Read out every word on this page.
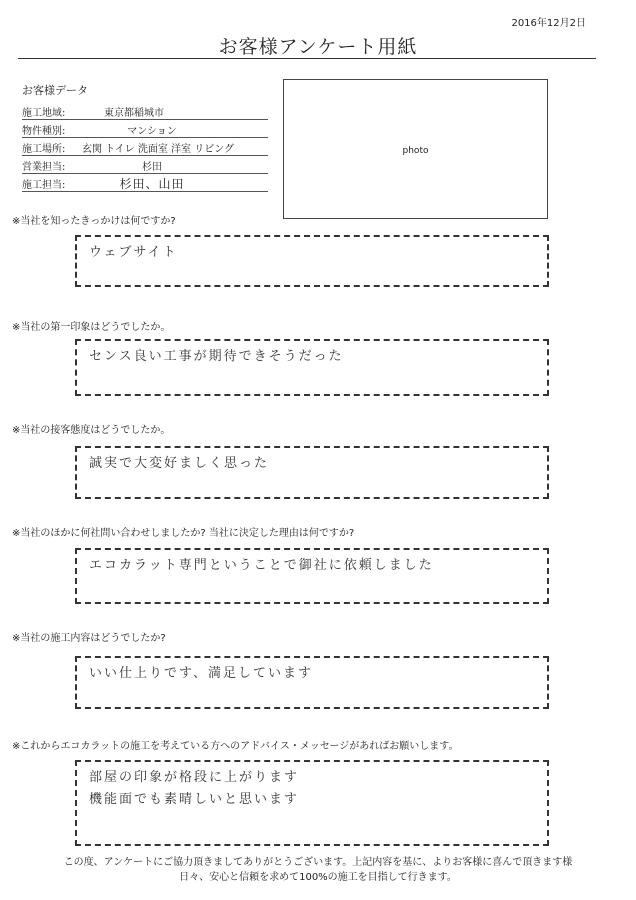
2016年12月2日
お客様アンケート用紙
お客様データ
施工地域:	東京都稲城市
物件種別:	マンション
施工場所: 玄関 トイレ 洗面室 洋室 リビング
営業担当:	杉田
施工担当:	杉田、山田
photo
※当社を知ったきっかけは何ですか?
ウェブサイト
※当社の第一印象はどうでしたか。
センス良い工事が期待できそうだった
※当社の接客態度はどうでしたか。
誠実で大変好ましく思った
※当社のほかに何社問い合わせしましたか? 当社に決定した理由は何ですか?
エコカラット専門ということで御社に依頼しました
※当社の施工内容はどうでしたか?
いい仕上りです、満足しています
※これからエコカラットの施工を考えている方へのアドバイス・メッセージがあればお願いします。
部屋の印象が格段に上がります
機能面でも素晴しいと思います
この度、アンケートにご協力頂きましてありがとうございます。上記内容を基に、よりお客様に喜んで頂きます様
日々、安心と信頼を求めて100%の施工を目指して行きます。
